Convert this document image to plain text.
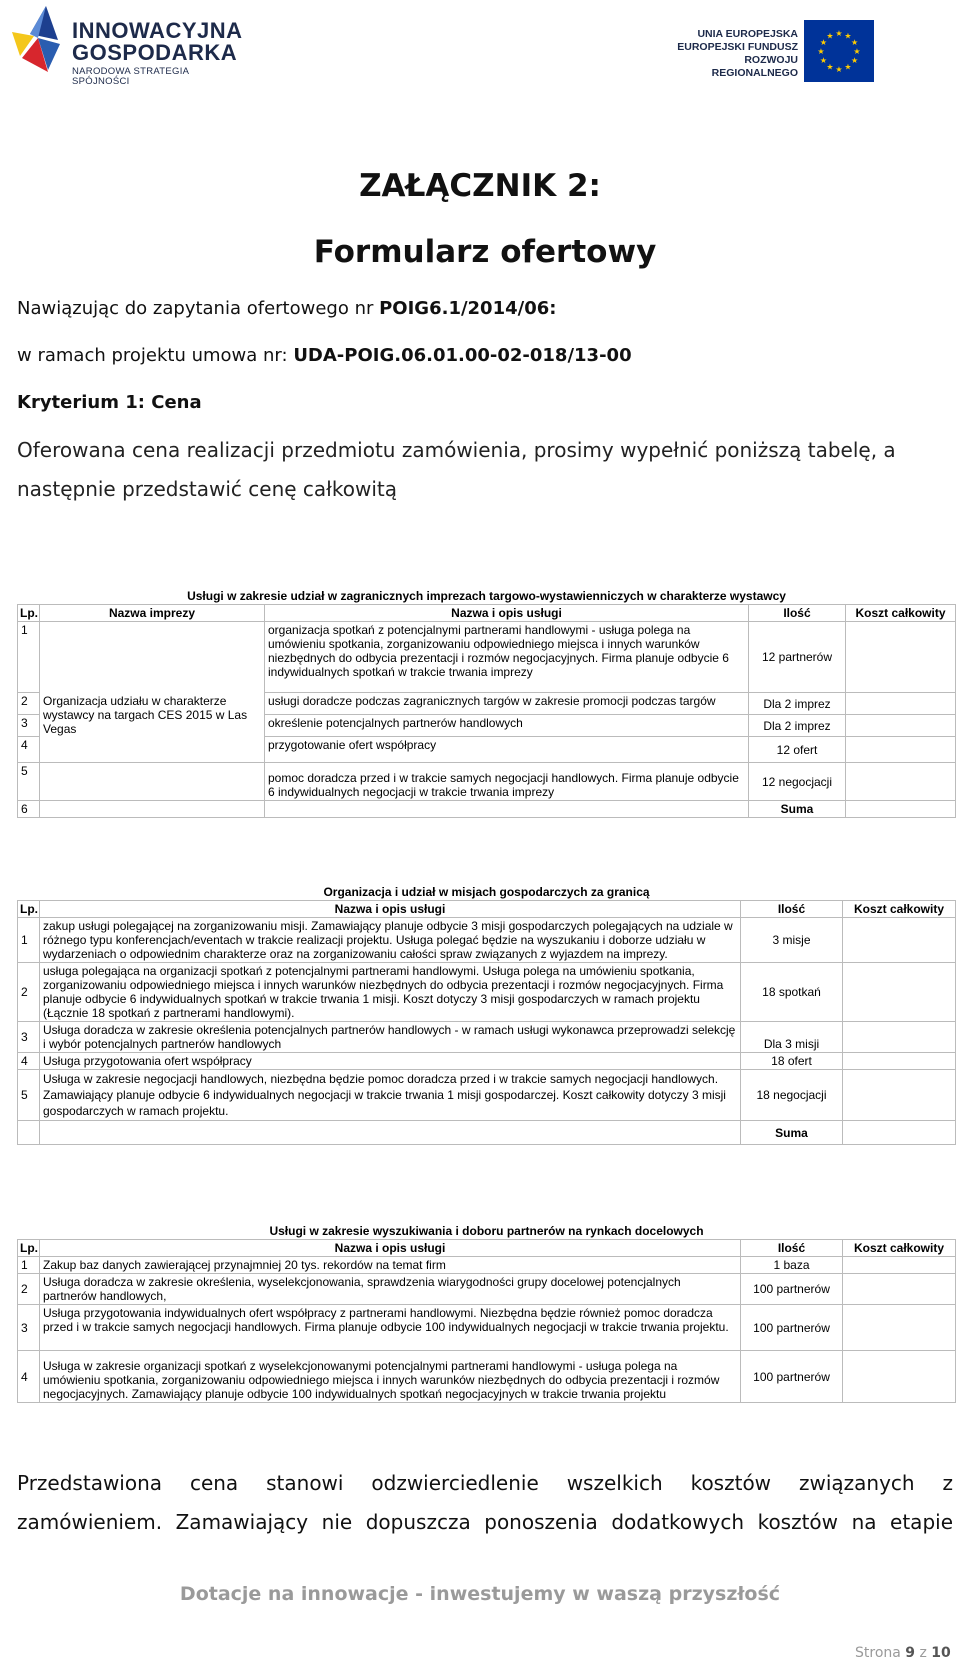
INNOWACYJNA
GOSPODARKA
NARODOWA STRATEGIA SPÓJNOŚCI
UNIA EUROPEJSKA
EUROPEJSKI FUNDUSZ
ROZWOJU REGIONALNEGO
★ ★
★
★
★
★
★
★
★
★
★
★
ZAŁĄCZNIK 2:
Formularz ofertowy
Nawiązując do zapytania ofertowego nr POIG6.1/2014/06:
w ramach projektu umowa nr: UDA-POIG.06.01.00-02-018/13-00
Kryterium 1: Cena
Oferowana cena realizacji przedmiotu zamówienia, prosimy wypełnić poniższą tabelę, a następnie przedstawić cenę całkowitą
Usługi w zakresie udział w zagranicznych imprezach targowo-wystawienniczych w charakterze wystawcy				
Lp.	Nazwa imprezy	Nazwa i opis usługi	Ilość	Koszt całkowity
1	Organizacja udziału w charakterze wystawcy na targach CES 2015 w Las Vegas	organizacja spotkań z potencjalnymi partnerami handlowymi - usługa polega na umówieniu spotkania, zorganizowaniu odpowiedniego miejsca i innych warunków niezbędnych do odbycia prezentacji i rozmów negocjacyjnych. Firma planuje odbycie 6 indywidualnych spotkań w trakcie trwania imprezy	12 partnerów	
2		usługi doradcze podczas zagranicznych targów w zakresie promocji podczas targów	Dla 2 imprez	
3		określenie potencjalnych partnerów handlowych	Dla 2 imprez	
4		przygotowanie ofert współpracy	12 ofert	
5		pomoc doradcza przed i w trakcie samych negocjacji handlowych. Firma planuje odbycie 6 indywidualnych negocjacji w trakcie trwania imprezy	12 negocjacji	
6			Suma	
Organizacja i udział w misjach gospodarczych za granicą			
Lp.	Nazwa i opis usługi	Ilość	Koszt całkowity
1	zakup usługi polegającej na zorganizowaniu misji. Zamawiający planuje odbycie 3 misji gospodarczych polegających na udziale w różnego typu konferencjach/eventach w trakcie realizacji projektu. Usługa polegać będzie na wyszukaniu i doborze udziału w wydarzeniach o odpowiednim charakterze oraz na zorganizowaniu całości spraw związanych z wyjazdem na imprezy.	3 misje	
2	usługa polegająca na organizacji spotkań z potencjalnymi partnerami handlowymi. Usługa polega na umówieniu spotkania, zorganizowaniu odpowiedniego miejsca i innych warunków niezbędnych do odbycia prezentacji i rozmów negocjacyjnych. Firma planuje odbycie 6 indywidualnych spotkań w trakcie trwania 1 misji. Koszt dotyczy 3 misji gospodarczych w ramach projektu (Łącznie 18 spotkań z partnerami handlowymi).	18 spotkań	
3	Usługa doradcza w zakresie określenia potencjalnych partnerów handlowych - w ramach usługi wykonawca przeprowadzi selekcję i wybór potencjalnych partnerów handlowych	Dla 3 misji	
4	Usługa przygotowania ofert współpracy	18 ofert	
5	Usługa w zakresie negocjacji handlowych, niezbędna będzie pomoc doradcza przed i w trakcie samych negocjacji handlowych. Zamawiający planuje odbycie 6 indywidualnych negocjacji w trakcie trwania 1 misji gospodarczej. Koszt całkowity dotyczy 3 misji gospodarczych w ramach projektu.	18 negocjacji	
		Suma	
Usługi w zakresie wyszukiwania i doboru partnerów na rynkach docelowych			
Lp.	Nazwa i opis usługi	Ilość	Koszt całkowity
1	Zakup baz danych zawierającej przynajmniej 20 tys. rekordów na temat firm	1 baza	
2	Usługa doradcza w zakresie określenia, wyselekcjonowania, sprawdzenia wiarygodności grupy docelowej potencjalnych partnerów handlowych,	100 partnerów	
3	Usługa przygotowania indywidualnych ofert współpracy z partnerami handlowymi. Niezbędna będzie również pomoc doradcza przed i w trakcie samych negocjacji handlowych. Firma planuje odbycie 100 indywidualnych negocjacji w trakcie trwania projektu.	100 partnerów	
4	Usługa w zakresie organizacji spotkań z wyselekcjonowanymi potencjalnymi partnerami handlowymi - usługa polega na umówieniu spotkania, zorganizowaniu odpowiedniego miejsca i innych warunków niezbędnych do odbycia prezentacji i rozmów negocjacyjnych. Zamawiający planuje odbycie 100 indywidualnych spotkań negocjacyjnych w trakcie trwania projektu	100 partnerów	
Przedstawiona cena stanowi odzwierciedlenie wszelkich kosztów związanych z
zamówieniem. Zamawiający nie dopuszcza ponoszenia dodatkowych kosztów na etapie
Dotacje na innowacje - inwestujemy w waszą przyszłość
Strona 9 z 10
